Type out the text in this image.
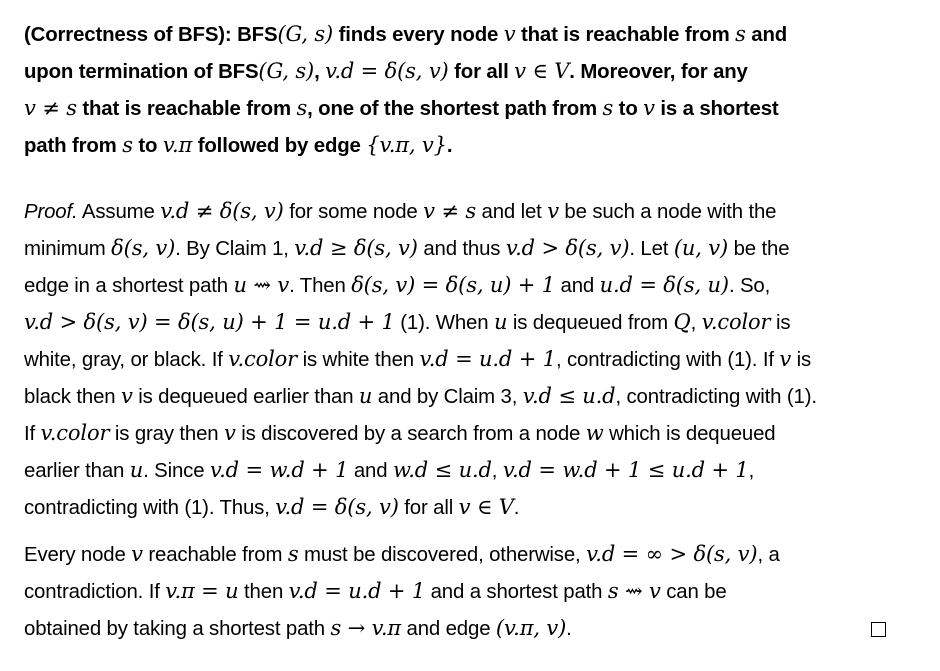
(Correctness of BFS): BFS(G, s) finds every node v that is reachable from s and
upon termination of BFS(G, s), v.d = δ(s, v) for all v ∈ V. Moreover, for any
v ≠ s that is reachable from s, one of the shortest path from s to v is a shortest
path from s to v.π followed by edge {v.π, v}.
Proof. Assume v.d ≠ δ(s, v) for some node v ≠ s and let v be such a node with the
minimum δ(s, v). By Claim 1, v.d ≥ δ(s, v) and thus v.d > δ(s, v). Let (u, v) be the
edge in a shortest path u ⇝ v. Then δ(s, v) = δ(s, u) + 1 and u.d = δ(s, u). So,
v.d > δ(s, v) = δ(s, u) + 1 = u.d + 1 (1). When u is dequeued from Q, v.color is
white, gray, or black. If v.color is white then v.d = u.d + 1, contradicting with (1). If v is
black then v is dequeued earlier than u and by Claim 3, v.d ≤ u.d, contradicting with (1).
If v.color is gray then v is discovered by a search from a node w which is dequeued
earlier than u. Since v.d = w.d + 1 and w.d ≤ u.d, v.d = w.d + 1 ≤ u.d + 1,
contradicting with (1). Thus, v.d = δ(s, v) for all v ∈ V.
Every node v reachable from s must be discovered, otherwise, v.d = ∞ > δ(s, v), a
contradiction. If v.π = u then v.d = u.d + 1 and a shortest path s ⇝ v can be
obtained by taking a shortest path s → v.π and edge (v.π, v).
